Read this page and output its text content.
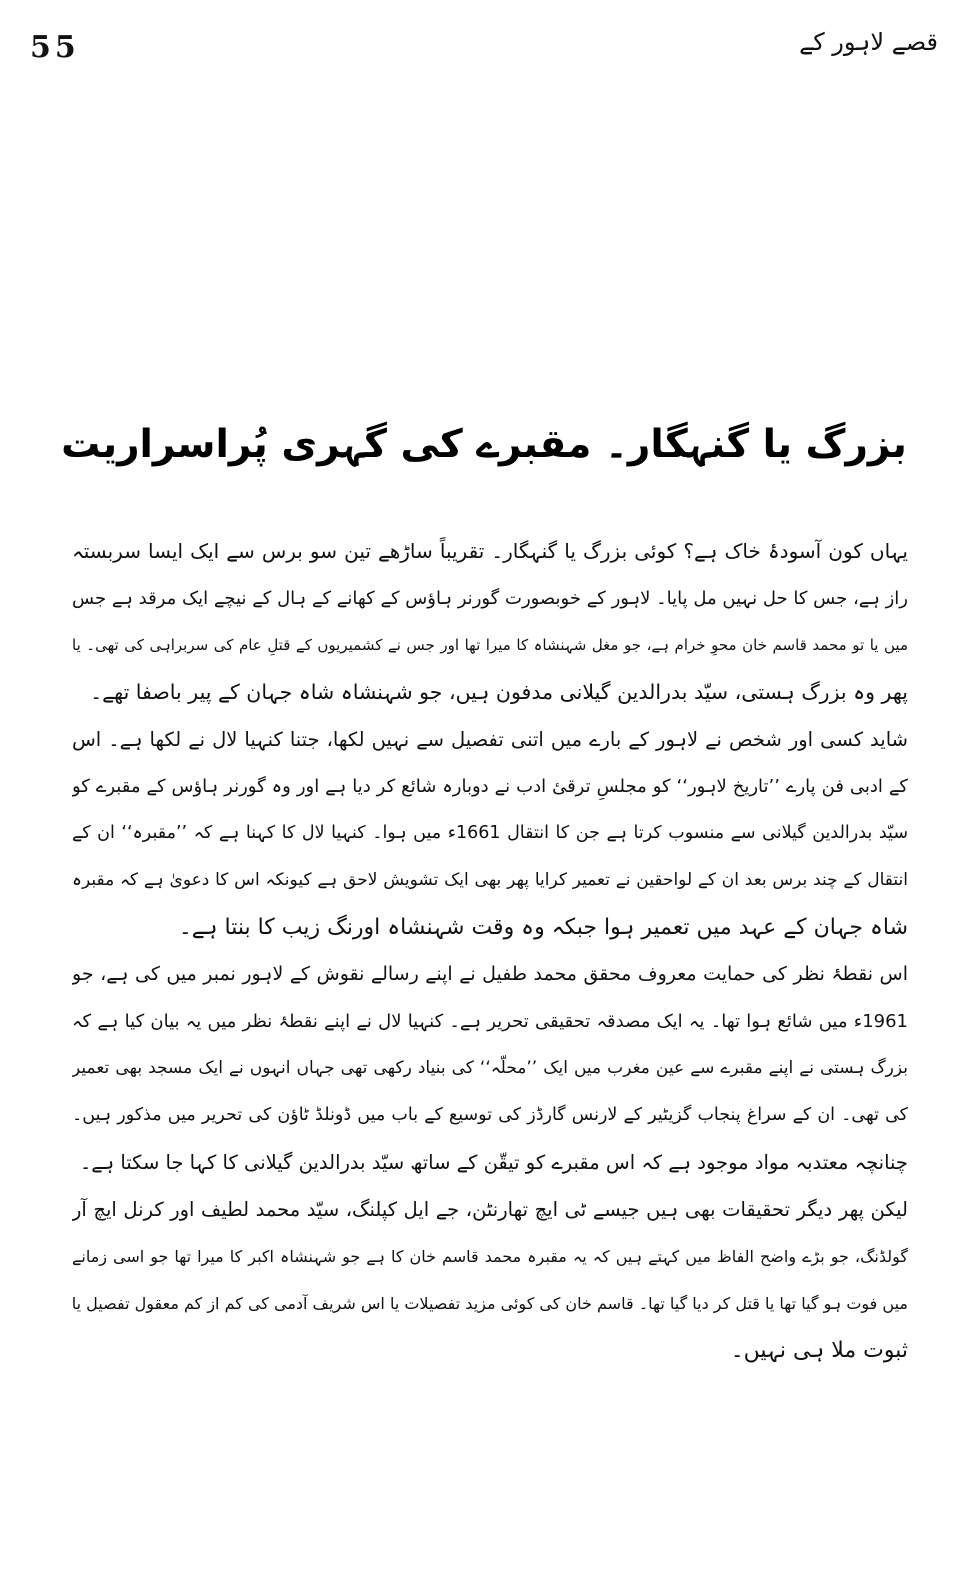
55	قصے لاہور کے
بزرگ یا گنہگار۔ مقبرے کی گہری پُراسراریت
یہاں کون آسودۂ خاک ہے؟ کوئی بزرگ یا گنہگار۔ تقریباً ساڑھے تین سو برس سے ایک ایسا سربستہ
راز ہے، جس کا حل نہیں مل پایا۔ لاہور کے خوبصورت گورنر ہاؤس کے کھانے کے ہال کے نیچے ایک مرقد ہے جس
میں یا تو محمد قاسم خان محوِ خرام ہے، جو مغل شہنشاہ کا میرا تھا اور جس نے کشمیریوں کے قتلِ عام کی سربراہی کی تھی۔ یا
پھر وہ بزرگ ہستی، سیّد بدرالدین گیلانی مدفون ہیں، جو شہنشاہ شاہ جہان کے پیر باصفا تھے۔
شاید کسی اور شخص نے لاہور کے بارے میں اتنی تفصیل سے نہیں لکھا، جتنا کنہیا لال نے لکھا ہے۔ اس
کے ادبی فن پارے ’’تاریخ لاہور‘‘ کو مجلسِ ترقیٔ ادب نے دوبارہ شائع کر دیا ہے اور وہ گورنر ہاؤس کے مقبرے کو
سیّد بدرالدین گیلانی سے منسوب کرتا ہے جن کا انتقال 1661ء میں ہوا۔ کنہیا لال کا کہنا ہے کہ ’’مقبرہ‘‘ ان کے
انتقال کے چند برس بعد ان کے لواحقین نے تعمیر کرایا پھر بھی ایک تشویش لاحق ہے کیونکہ اس کا دعویٰ ہے کہ مقبرہ
شاہ جہان کے عہد میں تعمیر ہوا جبکہ وہ وقت شہنشاہ اورنگ زیب کا بنتا ہے۔
اس نقطۂ نظر کی حمایت معروف محقق محمد طفیل نے اپنے رسالے نقوش کے لاہور نمبر میں کی ہے، جو
1961ء میں شائع ہوا تھا۔ یہ ایک مصدقہ تحقیقی تحریر ہے۔ کنہیا لال نے اپنے نقطۂ نظر میں یہ بیان کیا ہے کہ
بزرگ ہستی نے اپنے مقبرے سے عین مغرب میں ایک ’’محلّہ‘‘ کی بنیاد رکھی تھی جہاں انہوں نے ایک مسجد بھی تعمیر
کی تھی۔ ان کے سراغ پنجاب گزیٹیر کے لارنس گارڈز کی توسیع کے باب میں ڈونلڈ ٹاؤن کی تحریر میں مذکور ہیں۔
چنانچہ معتدبہ مواد موجود ہے کہ اس مقبرے کو تیقّن کے ساتھ سیّد بدرالدین گیلانی کا کہا جا سکتا ہے۔
لیکن پھر دیگر تحقیقات بھی ہیں جیسے ٹی ایچ تھارنٹن، جے ایل کپلنگ، سیّد محمد لطیف اور کرنل ایچ آر
گولڈنگ، جو بڑے واضح الفاظ میں کہتے ہیں کہ یہ مقبرہ محمد قاسم خان کا ہے جو شہنشاہ اکبر کا میرا تھا جو اسی زمانے
میں فوت ہو گیا تھا یا قتل کر دیا گیا تھا۔ قاسم خان کی کوئی مزید تفصیلات یا اس شریف آدمی کی کم از کم معقول تفصیل یا
ثبوت ملا ہی نہیں۔
